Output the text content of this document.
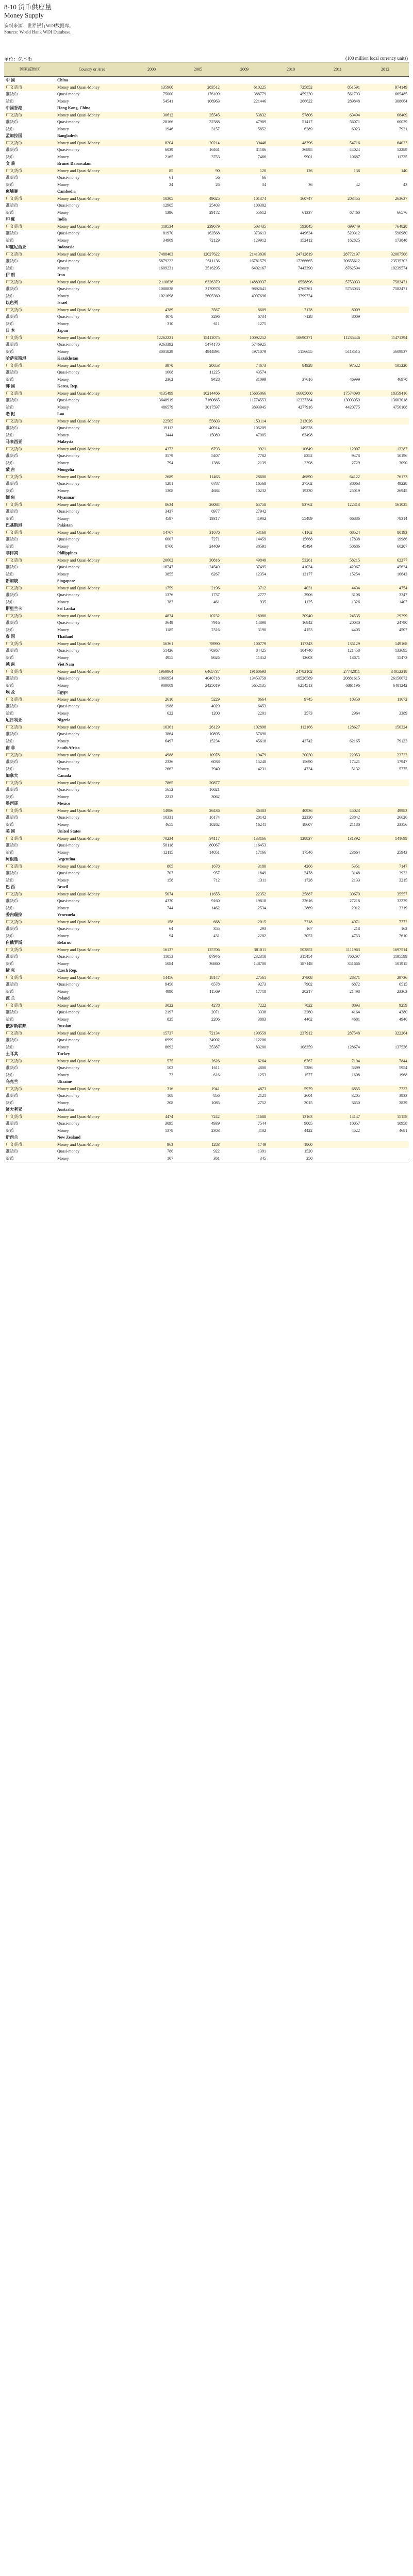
8-10 货币供应量
Money Supply
资料来源：世界银行WDI数据库。
Source: World Bank WDI Database.
单位：亿本币	(100 million local currency units)
国家或地区	Country or Area	2000	2005	2009	2010	2011	2012
中 国	China						
广义货币	Money and Quasi-Money	135960	283512	610225	725852	851591	974149
准货币	Quasi-money	75000	176109	388779	459230	561793	665485
货币	Money	54541	106963	221446	266622	289848	308664
中国香港	Hong Kong, China						
广义货币	Money and Quasi-Money	30612	35545	53832	57806	63494	68409
准货币	Quasi-money	28166	32388	47989	51417	56071	60039
货币	Money	1946	3157	5852	6389	6923	7921
孟加拉国	Bangladesh						
广义货币	Money and Quasi-Money	8204	20214	39446	48796	54716	64023
准货币	Quasi-money	6039	16461	31186	36895	44024	52289
货币	Money	2165	3753	7466	9901	10687	11735
文 莱	Brunei Darussalam						
广义货币	Money and Quasi-Money	85	90	120	126	138	140
准货币	Quasi-money	61	56	66			
货币	Money	24	26	34	36	42	43
柬埔寨	Cambodia						
广义货币	Money and Quasi-Money	10305	49625	101374	160747	203455	263637
准货币	Quasi-money	12905	25403	100382			
货币	Money	1396	29172	55612	61337	67460	66576
印 度	India						
广义货币	Money and Quasi-Money	119534	239679	503435	593845	699749	764828
准货币	Quasi-money	81970	163568	373613	449634	520312	590980
货币	Money	34909	72129	129912	152412	162825	173848
印度尼西亚	Indonesia						
广义货币	Money and Quasi-Money	7488403	12027622	21413836	24712819	28772197	32007506
准货币	Quasi-money	5879222	9511136	16781579	17266665	20655612	23535302
货币	Money	1609231	3516295	6402167	7443390	8762594	10239574
伊 朗	Iran						
广义货币	Money and Quasi-Money	2110636	6326379	14889937	6558896	5753033	7582471
准货币	Quasi-money	1088838	3170978	9892641	4765361	5753033	7582471
货币	Money	1021698	2605360	4997696	3799734		
以色列	Israel						
广义货币	Money and Quasi-Money	4389	3567	8609	7128	8009	
准货币	Quasi-money	4078	3296	6734	7128	8009	
货币	Money	310	611	1275			
日 本	Japan						
广义货币	Money and Quasi-Money	12262221	15412075	10092252	10690271	11235446	11471394
准货币	Quasi-money	9263392	5474170	5746925			
货币	Money	3001829	4944894	4971079	5156655	5413515	5609837
哈萨克斯坦	Kazakhstan						
广义货币	Money and Quasi-Money	3970	20653	74673	84928	97522	105220
准货币	Quasi-money	1608	11225	43574			
货币	Money	2362	9428	31099	37616	46999	46970
韩 国	Korea, Rep.						
广义货币	Money and Quasi-Money	4135499	10214466	15685066	16605060	17574098	18359416
准货币	Quasi-money	3648919	7160665	11774553	12327384	13003959	13603018
货币	Money	486579	3017597	3893945	4277916	4420775	4756108
老 挝	Lao						
广义货币	Money and Quasi-Money	22505	55603	153114	213026		
准货币	Quasi-money	19113	40914	105209	149528		
货币	Money	3444	15089	47905	63498		
马来西亚	Malaysia						
广义货币	Money and Quasi-Money	4373	6793	9921	10649	12007	13287
准货币	Quasi-money	3579	5407	7782	8252	9478	10196
货币	Money	794	1386	2139	2398	2729	3090
蒙 古	Mongolia						
广义货币	Money and Quasi-Money	2689	11463	28600	46890	64122	76173
准货币	Quasi-money	1281	6787	16568	27562	38063	49228
货币	Money	1308	4684	10232	19230	25019	26945
缅 甸	Myanmar						
广义货币	Money and Quasi-Money	8634	26084	65758	83762	122313	161025
准货币	Quasi-money	3437	6977	27942			
货币	Money	4597	19317	41902	55489	66886	78314
巴基斯坦	Pakistan						
广义货币	Money and Quasi-Money	14767	31670	53160	61162	68524	80193
准货币	Quasi-money	6007	7271	14459	15668	17838	19986
货币	Money	8760	24409	38591	45494	50686	60207
菲律宾	Philippines						
广义货币	Money and Quasi-Money	20602	30816	49849	53261	58215	62277
准货币	Quasi-money	16747	24549	37495	41034	42967	45634
货币	Money	3855	6267	12354	13177	15254	16643
新加坡	Singapore						
广义货币	Money and Quasi-Money	1759	2196	3712	4031	4434	4754
准货币	Quasi-money	1376	1737	2777	2906	3108	3347
货币	Money	383	461	935	1125	1326	1407
斯里兰卡	Sri Lanka						
广义货币	Money and Quasi-Money	4834	10232	18080	20940	24535	29299
准货币	Quasi-money	3649	7916	14890	16842	20030	24790
货币	Money	1185	2316	3190	4153	4405	4507
泰 国	Thailand						
广义货币	Money and Quasi-Money	56361	78990	100779	117343	135129	149168
准货币	Quasi-money	51426	70367	84425	104740	121458	133695
货币	Money	4955	8626	11352	12603	13671	15473
越 南	Viet Nam						
广义货币	Money and Quasi-Money	1969964	6465737	19160693	24782102	27742811	34052218
准货币	Quasi-money	1060954	4040718	13453759	18526589	20881615	26150672
货币	Money	909009	2425019	5652135	6254513	6861196	6401242
埃 及	Egypt						
广义货币	Money and Quasi-Money	2610	5229	8664	9745	10350	11672
准货币	Quasi-money	1988	4029	6453			
货币	Money	622	1200	2201	2573	2964	3389
尼日利亚	Nigeria						
广义货币	Money and Quasi-Money	10361	26129	102898	112166	128627	150324
准货币	Quasi-money	3864	10895	57690			
货币	Money	6497	15234	45618	43742	62165	79133
南 非	South Africa						
广义货币	Money and Quasi-Money	4988	10978	19479	20030	22053	23722
准货币	Quasi-money	2326	6038	15248	15690	17421	17947
货币	Money	2662	2940	4231	4734	5132	5775
加拿大	Canada						
广义货币	Money and Quasi-Money	7865	20877				
准货币	Quasi-money	5652	16621				
货币	Money	2213	3062				
墨西哥	Mexico						
广义货币	Money and Quasi-Money	14986	26436	36383	40936	45023	49983
准货币	Quasi-money	10331	16174	20142	22330	23842	26626
货币	Money	4655	10262	16241	18607	21180	23356
美 国	United States						
广义货币	Money and Quasi-Money	70234	94117	133166	128837	131392	141699
准货币	Quasi-money	58118	80067	116453			
货币	Money	12115	14051	17166	17546	23664	25943
阿根廷	Argentina						
广义货币	Money and Quasi-Money	865	1670	3180	4266	5351	7147
准货币	Quasi-money	707	957	1849	2478	3148	3932
货币	Money	158	712	1311	1728	2133	3215
巴 西	Brazil						
广义货币	Money and Quasi-Money	5074	11655	22352	25887	30679	35557
准货币	Quasi-money	4330	9160	19818	22616	27218	32239
货币	Money	744	1462	2534	2869	2912	3319
委内瑞拉	Venezuela						
广义货币	Money and Quasi-Money	158	668	2015	3218	4971	7772
准货币	Quasi-money	64	355	293	167	218	162
货币	Money	94	431	2202	3052	4753	7610
白俄罗斯	Belarus						
广义货币	Money and Quasi-Money	16137	125706	381011	502852	1111963	1697514
准货币	Quasi-money	11053	87946	232310	315454	760297	1195599
货币	Money	5084	36860	148700	187148	351666	501915
捷 克	Czech Rep.						
广义货币	Money and Quasi-Money	14456	18147	27561	27808	28371	29736
准货币	Quasi-money	9456	6578	9273	7902	6872	6515
货币	Money	4990	11569	17718	20217	21498	23363
波 兰	Poland						
广义货币	Money and Quasi-Money	3022	4278	7222	7822	8893	9259
准货币	Quasi-money	2197	2071	3338	3360	4164	4380
货币	Money	825	2206	3883	4462	4681	4946
俄罗斯联邦	Russian						
广义货币	Money and Quasi-Money	15737	72134	190559	237912	287548	322264
准货币	Quasi-money	6999	34902	112206			
货币	Money	8692	35387	83200	108359	128674	137536
土耳其	Turkey						
广义货币	Money and Quasi-Money	575	2626	6264	6767	7104	7844
准货币	Quasi-money	502	1611	4800	5286	5399	5954
货币	Money	73	616	1253	1577	1608	1968
乌克兰	Ukraine						
广义货币	Money and Quasi-Money	316	1941	4873	5979	6855	7732
准货币	Quasi-money	108	856	2121	2604	3205	3933
货币	Money	208	1085	2752	3015	3650	3829
澳大利亚	Australia						
广义货币	Money and Quasi-Money	4474	7242	11688	13163	14147	15158
准货币	Quasi-money	3095	4939	7544	9005	10057	10958
货币	Money	1378	2303	4102	4422	4522	4681
新西兰	New Zealand						
广义货币	Money and Quasi-Money	963	1283	1749	1860		
准货币	Quasi-money	786	922	1391	1520		
货币	Money	107	361	345	350		
